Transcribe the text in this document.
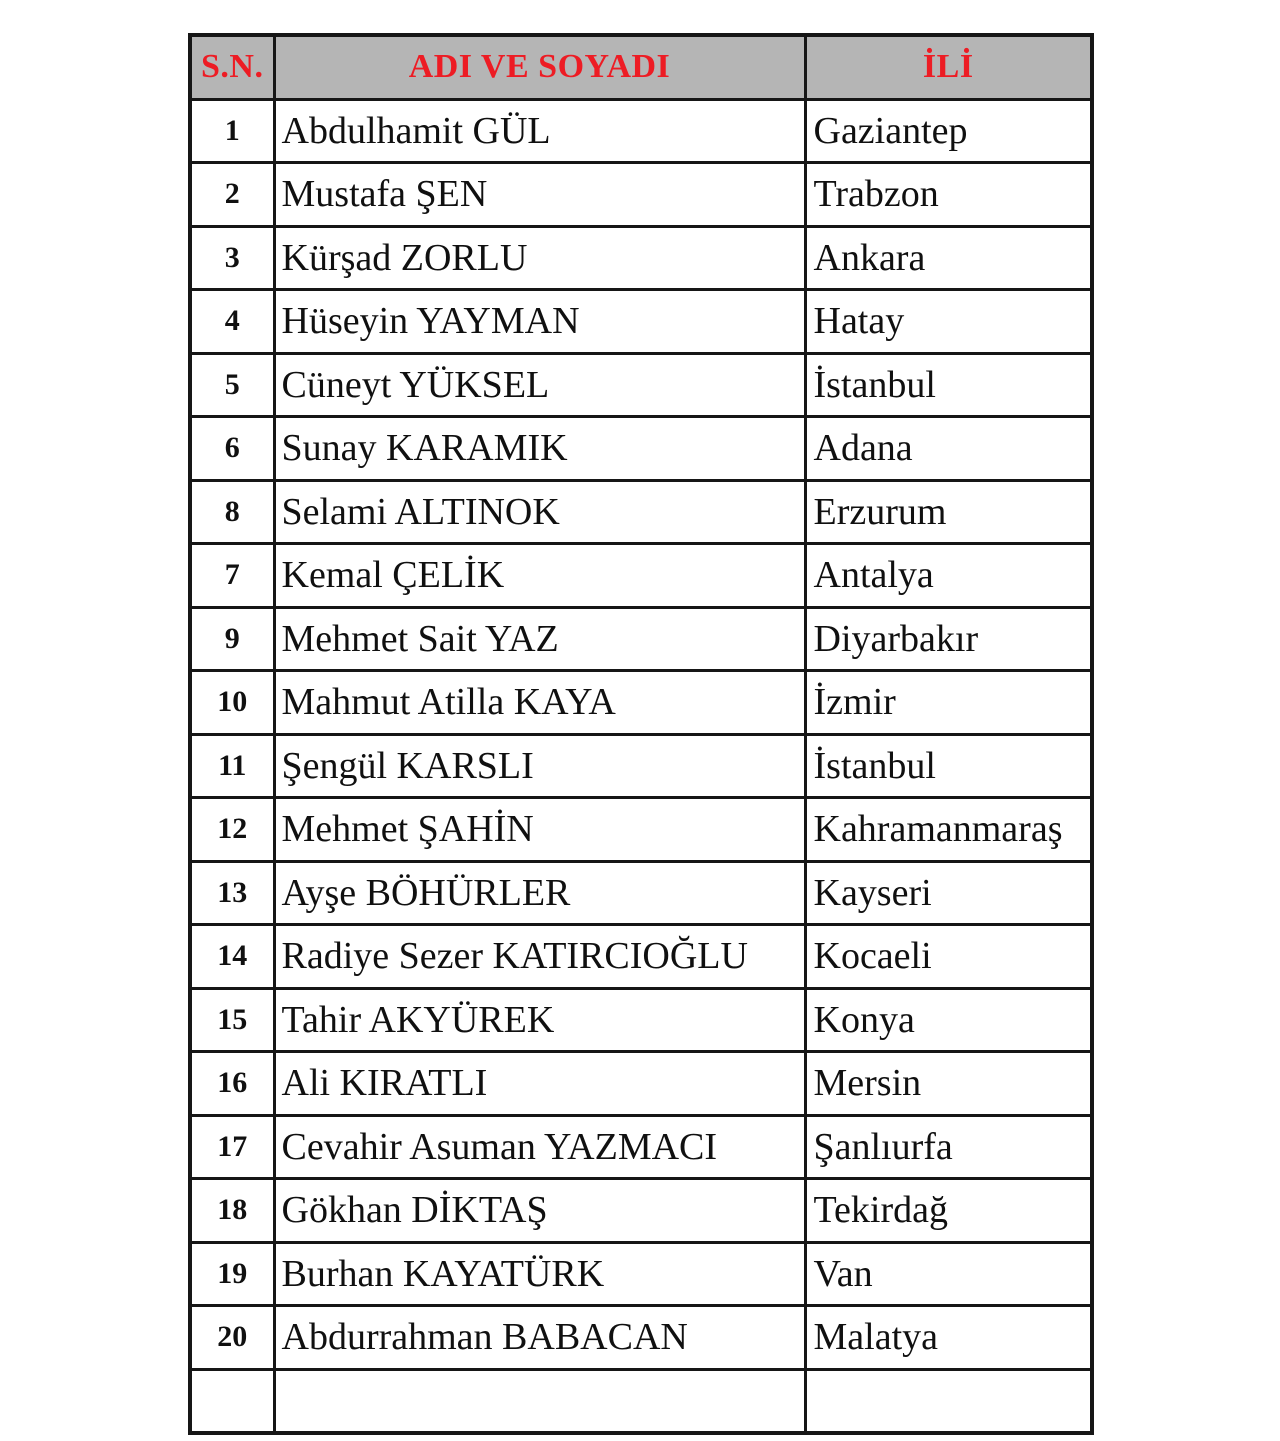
S.N.	ADI VE SOYADI	İLİ
1	Abdulhamit GÜL	Gaziantep
2	Mustafa ŞEN	Trabzon
3	Kürşad ZORLU	Ankara
4	Hüseyin YAYMAN	Hatay
5	Cüneyt YÜKSEL	İstanbul
6	Sunay KARAMIK	Adana
8	Selami ALTINOK	Erzurum
7	Kemal ÇELİK	Antalya
9	Mehmet Sait YAZ	Diyarbakır
10	Mahmut Atilla KAYA	İzmir
11	Şengül KARSLI	İstanbul
12	Mehmet ŞAHİN	Kahramanmaraş
13	Ayşe BÖHÜRLER	Kayseri
14	Radiye Sezer KATIRCIOĞLU	Kocaeli
15	Tahir AKYÜREK	Konya
16	Ali KIRATLI	Mersin
17	Cevahir Asuman YAZMACI	Şanlıurfa
18	Gökhan DİKTAŞ	Tekirdağ
19	Burhan KAYATÜRK	Van
20	Abdurrahman BABACAN	Malatya
